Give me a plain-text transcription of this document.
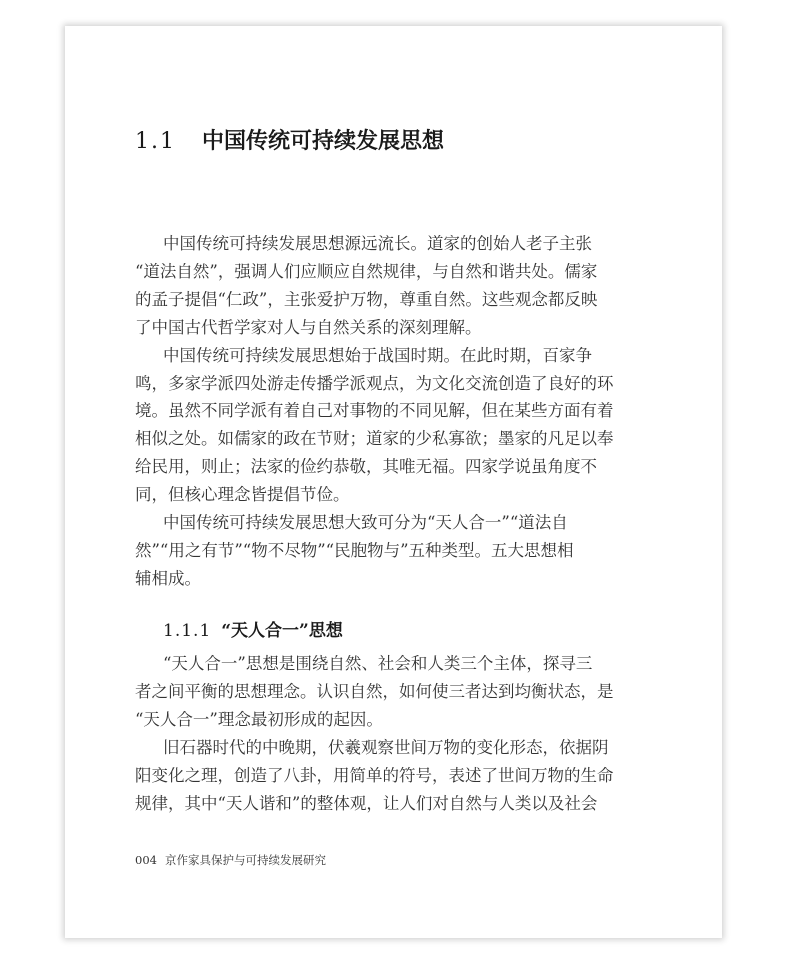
1.1 中国传统可持续发展思想
中国传统可持续发展思想源远流长。道家的创始人老子主张
“道法自然”，强调人们应顺应自然规律，与自然和谐共处。儒家
的孟子提倡“仁政”，主张爱护万物，尊重自然。这些观念都反映
了中国古代哲学家对人与自然关系的深刻理解。
中国传统可持续发展思想始于战国时期。在此时期，百家争
鸣，多家学派四处游走传播学派观点，为文化交流创造了良好的环
境。虽然不同学派有着自己对事物的不同见解，但在某些方面有着
相似之处。如儒家的政在节财；道家的少私寡欲；墨家的凡足以奉
给民用，则止；法家的俭约恭敬，其唯无福。四家学说虽角度不
同，但核心理念皆提倡节俭。
中国传统可持续发展思想大致可分为“天人合一”“道法自
然”“用之有节”“物不尽物”“民胞物与”五种类型。五大思想相
辅相成。
1.1.1 “天人合一”思想
“天人合一”思想是围绕自然、社会和人类三个主体，探寻三
者之间平衡的思想理念。认识自然，如何使三者达到均衡状态，是
“天人合一”理念最初形成的起因。
旧石器时代的中晚期，伏羲观察世间万物的变化形态，依据阴
阳变化之理，创造了八卦，用简单的符号，表述了世间万物的生命
规律，其中“天人谐和”的整体观，让人们对自然与人类以及社会
004 京作家具保护与可持续发展研究
